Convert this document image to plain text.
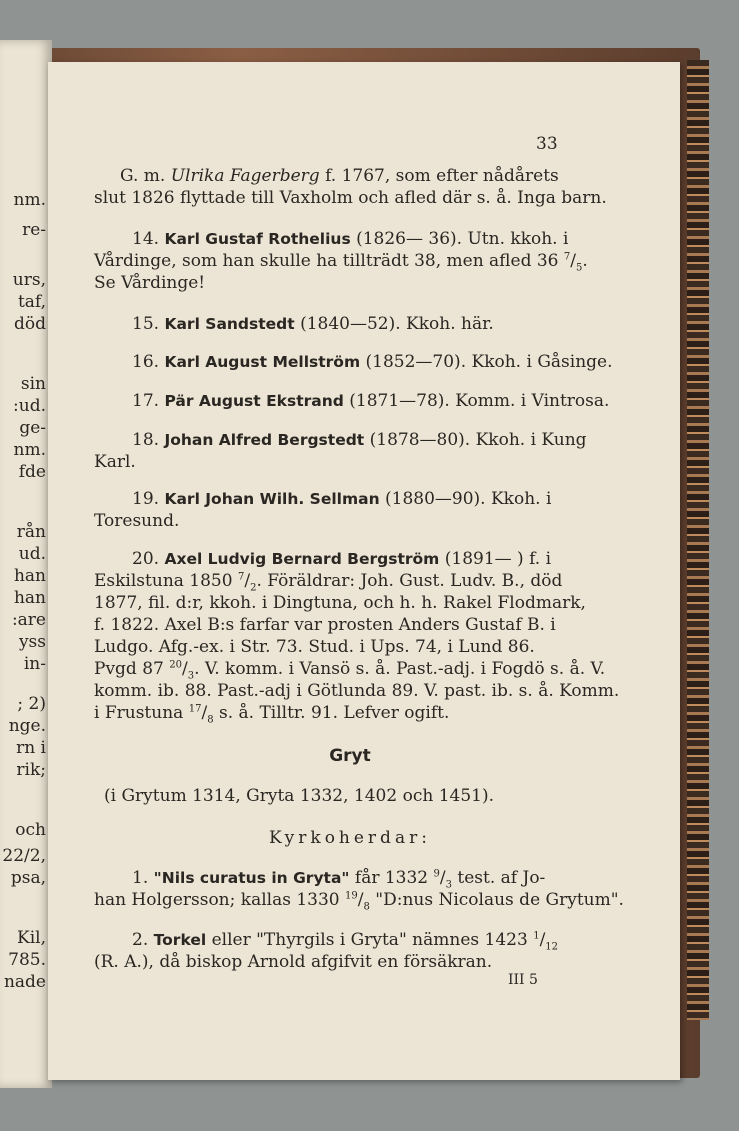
nm.
re-
urs,
taf,
död
sin
:ud.
ge-
nm.
fde
rån
ud.
han
han
:are
yss
in-
; 2)
nge.
rn i
rik;
och
22/2,
psa,
Kil,
785.
nade
33
G. m. Ulrika Fagerberg f. 1767, som efter nådårets
slut 1826 flyttade till Vaxholm och afled där s. å. Inga barn.
14. Karl Gustaf Rothelius (1826— 36). Utn. kkoh. i
Vårdinge, som han skulle ha tillträdt 38, men afled 36 $^7/_5$.
Se Vårdinge!
15. Karl Sandstedt (1840—52). Kkoh. här.
16. Karl August Mellström (1852—70). Kkoh. i Gåsinge.
17. Pär August Ekstrand (1871—78). Komm. i Vintrosa.
18. Johan Alfred Bergstedt (1878—80). Kkoh. i Kung
Karl.
19. Karl Johan Wilh. Sellman (1880—90). Kkoh. i
Toresund.
20. Axel Ludvig Bernard Bergström (1891— ) f. i
Eskilstuna 1850 $^7/_2$. Föräldrar: Joh. Gust. Ludv. B., död
1877, fil. d:r, kkoh. i Dingtuna, och h. h. Rakel Flodmark,
f. 1822. Axel B:s farfar var prosten Anders Gustaf B. i
Ludgo. Afg.-ex. i Str. 73. Stud. i Ups. 74, i Lund 86.
Pvgd 87 $^{20}/_3$. V. komm. i Vansö s. å. Past.-adj. i Fogdö s. å. V.
komm. ib. 88. Past.-adj i Götlunda 89. V. past. ib. s. å. Komm.
i Frustuna $^{17}/_8$ s. å. Tilltr. 91. Lefver ogift.
Gryt
(i Grytum 1314, Gryta 1332, 1402 och 1451).
Kyrkoherdar:
1. "Nils curatus in Gryta" får 1332 $^9/_3$ test. af Jo-
han Holgersson; kallas 1330 $^{19}/_8$ "D:nus Nicolaus de Grytum".
2. Torkel eller "Thyrgils i Gryta" nämnes 1423 $^1/_{12}$
(R. A.), då biskop Arnold afgifvit en försäkran.
III 5
